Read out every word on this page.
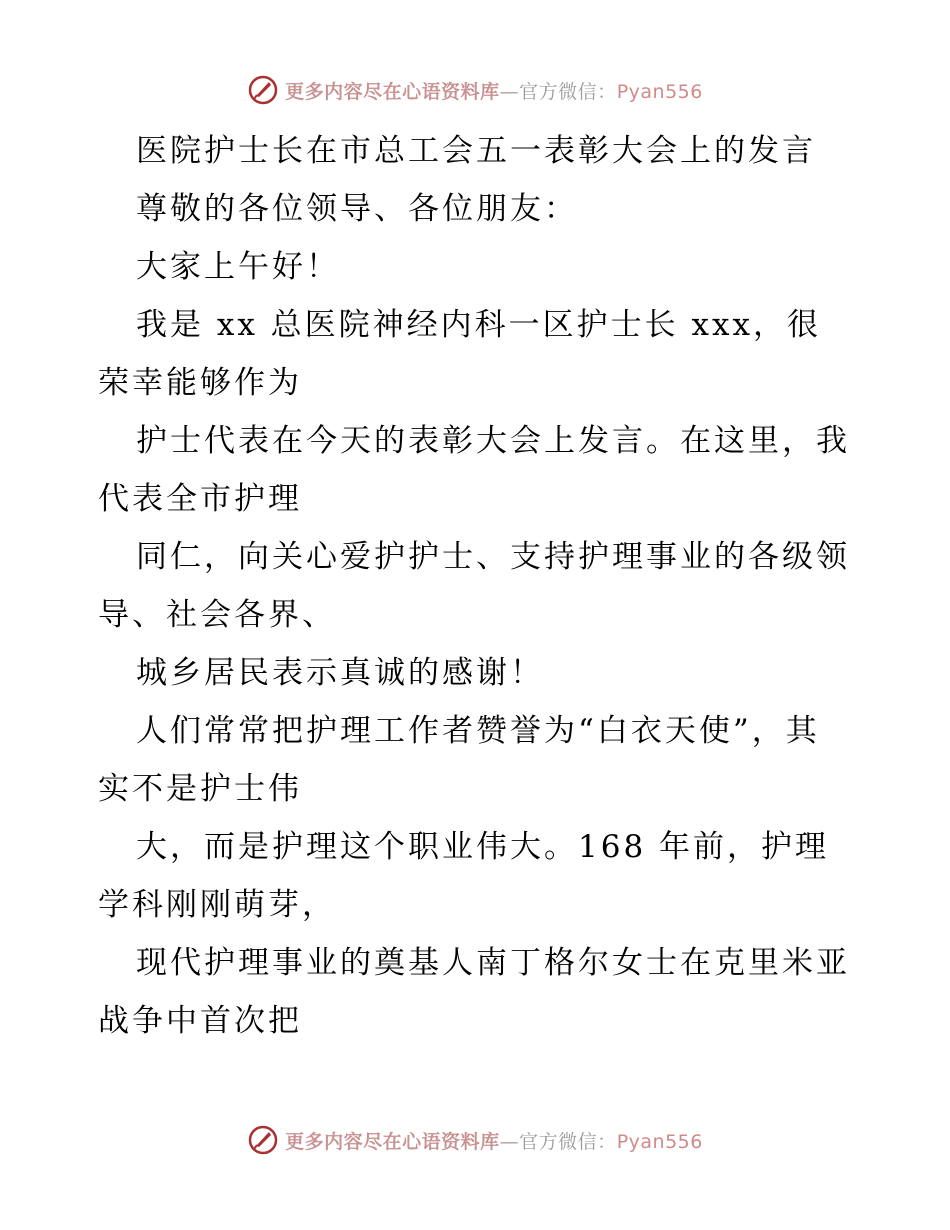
更多内容尽在心语资料库—官方微信：Pyan556

医院护士长在市总工会五一表彰大会上的发言

尊敬的各位领导、各位朋友：

大家上午好！

我是 xx 总医院神经内科一区护士长 xxx，很荣幸能够作为

护士代表在今天的表彰大会上发言。在这里，我代表全市护理

同仁，向关心爱护护士、支持护理事业的各级领导、社会各界、

城乡居民表示真诚的感谢！

人们常常把护理工作者赞誉为“白衣天使”，其实不是护士伟

大，而是护理这个职业伟大。168 年前，护理学科刚刚萌芽，

现代护理事业的奠基人南丁格尔女士在克里米亚战争中首次把

更多内容尽在心语资料库—官方微信：Pyan556
